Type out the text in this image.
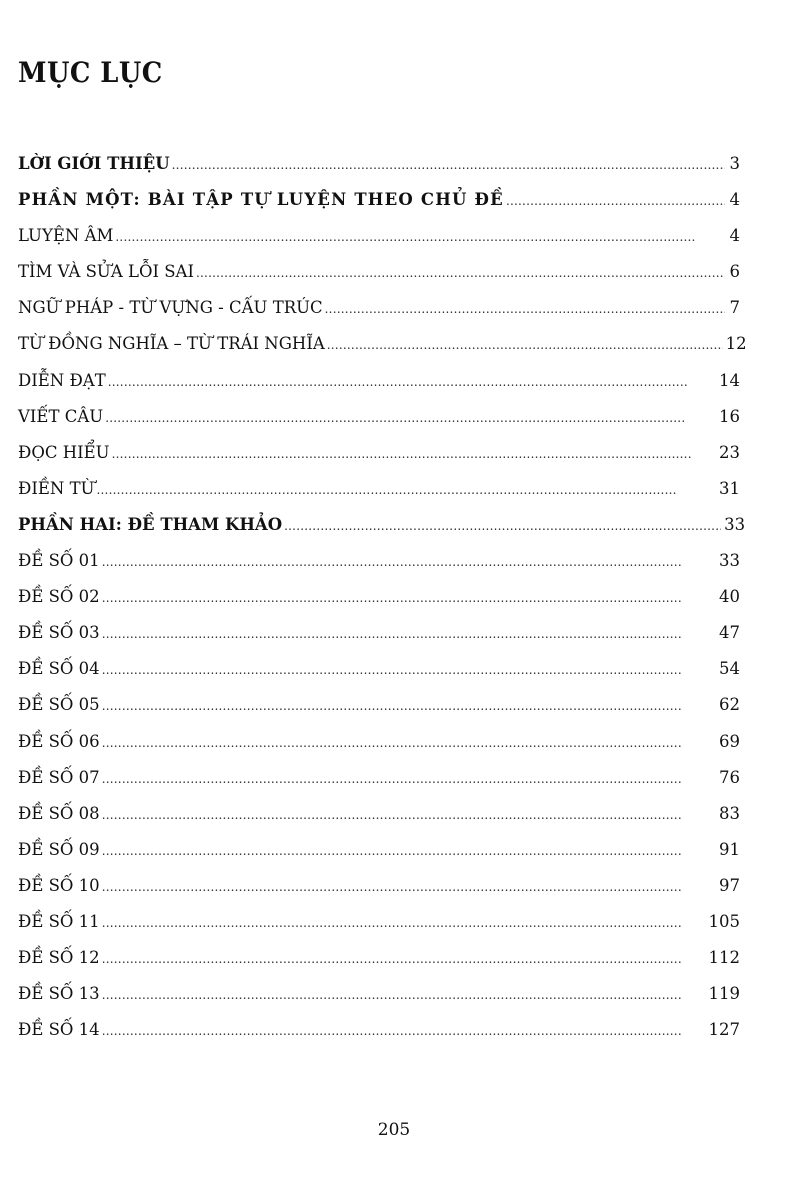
MỤC LỤC
LỜI GIỚI THIỆU . . .	3
PHẦN MỘT: BÀI TẬP TỰ LUYỆN THEO CHỦ ĐỀ . . .	4
LUYỆN ÂM . . .	4
TÌM VÀ SỬA LỖI SAI . . .	6
NGỮ PHÁP - TỪ VỰNG - CẤU TRÚC . . .	7
TỪ ĐỒNG NGHĨA – TỪ TRÁI NGHĨA . . .	12
DIỄN ĐẠT . . .	14
VIẾT CÂU . . .	16
ĐỌC HIỂU . . .	23
ĐIỀN TỪ . . .	31
PHẦN HAI: ĐỀ THAM KHẢO . . .	33
ĐỀ SỐ 01 . . .	33
ĐỀ SỐ 02 . . .	40
ĐỀ SỐ 03 . . .	47
ĐỀ SỐ 04 . . .	54
ĐỀ SỐ 05 . . .	62
ĐỀ SỐ 06 . . .	69
ĐỀ SỐ 07 . . .	76
ĐỀ SỐ 08 . . .	83
ĐỀ SỐ 09 . . .	91
ĐỀ SỐ 10 . . .	97
ĐỀ SỐ 11 . . .	105
ĐỀ SỐ 12 . . .	112
ĐỀ SỐ 13 . . .	119
ĐỀ SỐ 14 . . .	127
205
